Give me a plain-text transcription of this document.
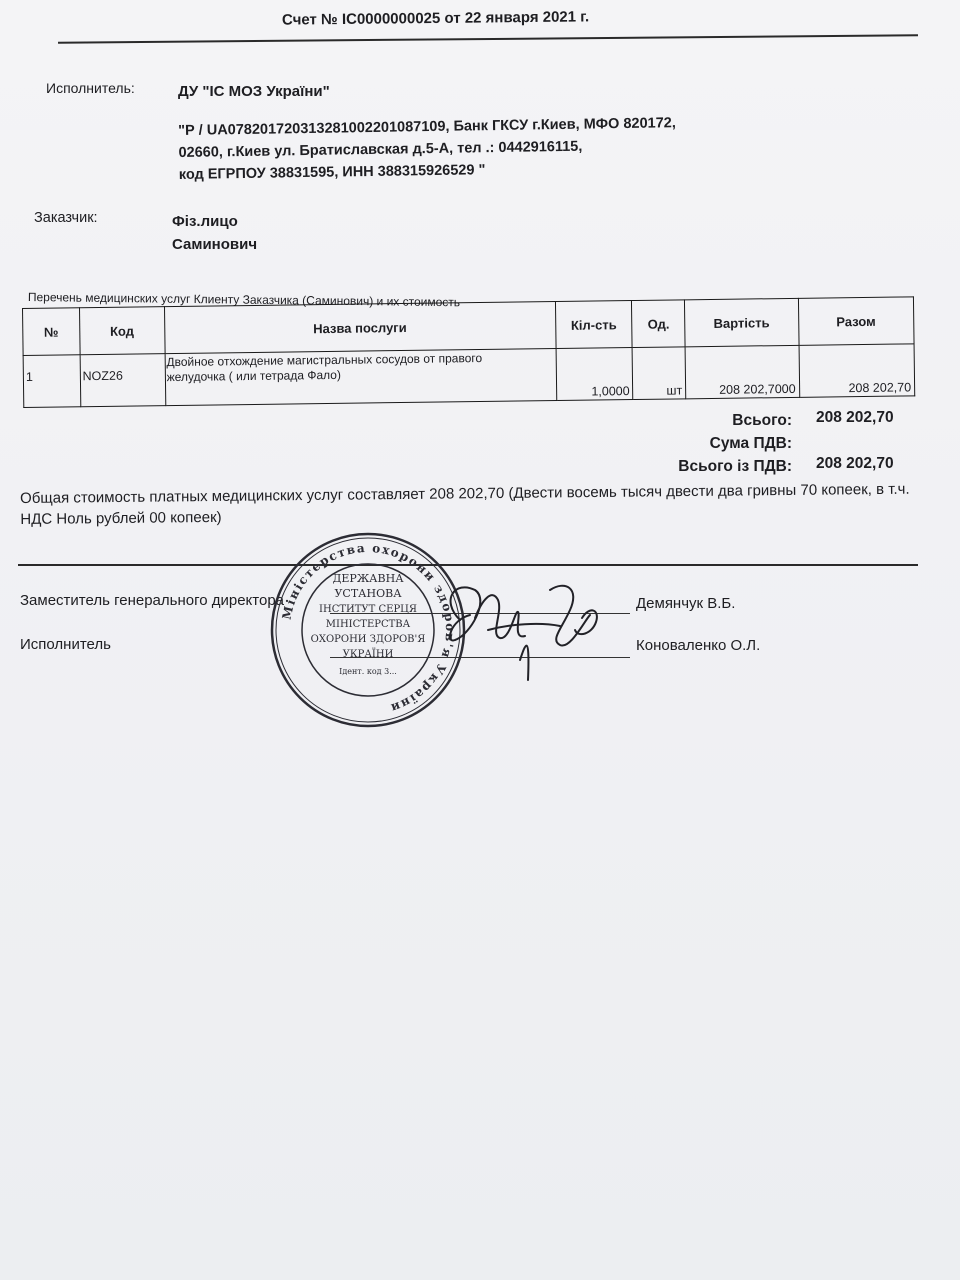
Счет № ІС0000000025 от 22 января 2021 г.
Исполнитель:	ДУ "ІС МОЗ України"
"Р / UA078201720313281002201087109, Банк ГКСУ г.Киев, МФО 820172,
02660, г.Киев ул. Братиславская д.5-А, тел .: 0442916115,
код ЕГРПОУ 38831595, ИНН 388315926529 "
Заказчик:	Фіз.лицо
Саминович
Перечень медицинских услуг Клиенту Заказчика (Саминович) и их стоимость
№	Код	Назва послуги	Кіл-сть	Од.	Вартість	Разом
1	NOZ26	Двойное отхождение магистральных сосудов от правого
желудочка ( или тетрада Фало)	1,0000	шт	208 202,7000	208 202,70
Всього: 208 202,70
Сума ПДВ:
Всього із ПДВ: 208 202,70
Общая стоимость платных медицинских услуг составляет 208 202,70 (Двести восемь тысяч двести два гривны 70 копеек, в т.ч. НДС Ноль рублей 00 копеек)
Заместитель генерального директора	Демянчук В.Б.
Исполнитель	Коноваленко О.Л.
Міністерства охорони здоров'я України
ДЕРЖАВНА
УСТАНОВА
ІНСТИТУТ СЕРЦЯ
МІНІСТЕРСТВА
ОХОРОНИ ЗДОРОВ'Я
УКРАЇНИ
Ідент. код 3...
